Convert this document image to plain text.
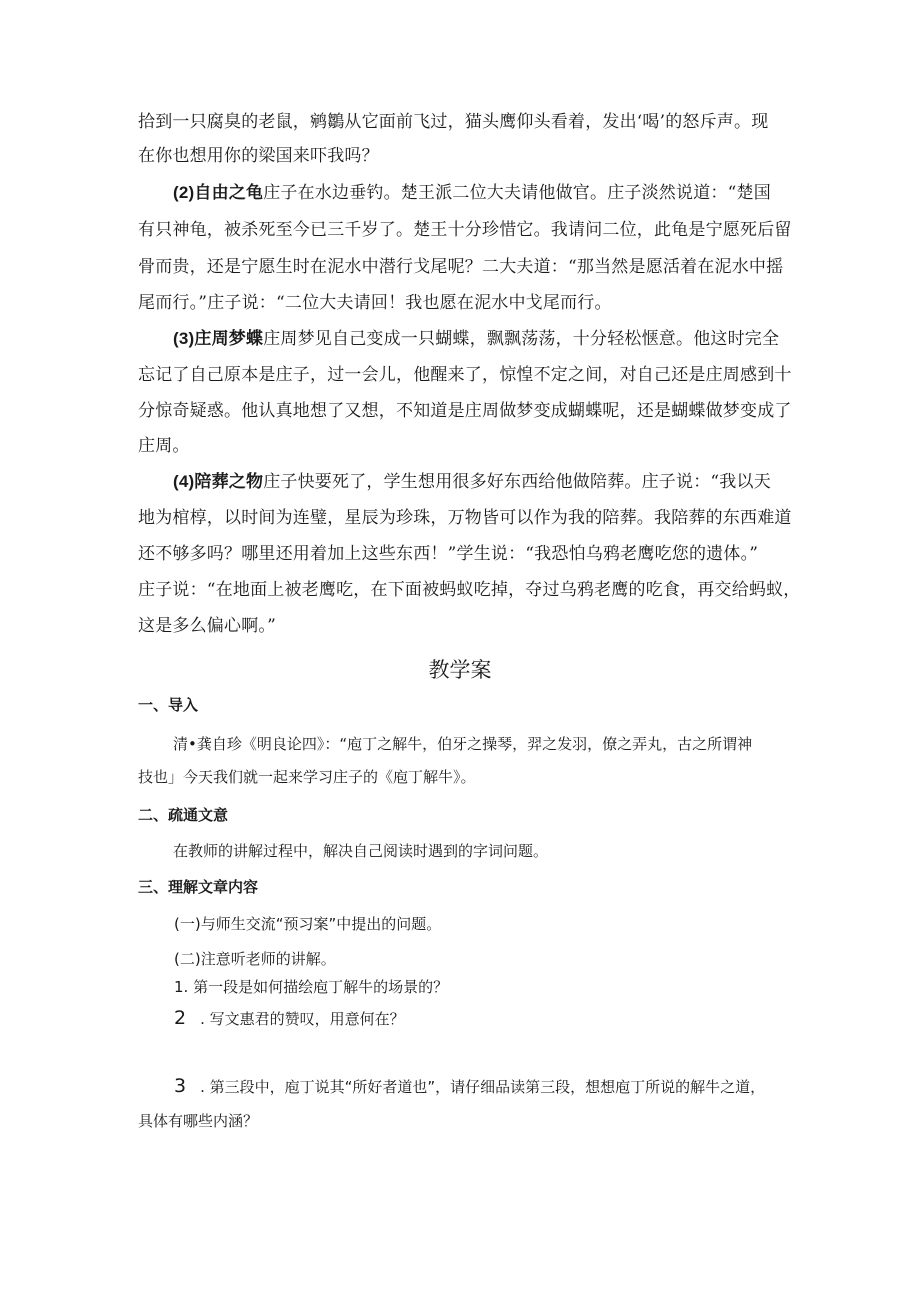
拾到一只腐臭的老鼠，鹓鶵从它面前飞过，猫头鹰仰头看着，发出‘喝’的怒斥声。现
在你也想用你的梁国来吓我吗？
(2)自由之龟庄子在水边垂钓。楚王派二位大夫请他做官。庄子淡然说道：“楚国
有只神龟，被杀死至今已三千岁了。楚王十分珍惜它。我请问二位，此龟是宁愿死后留
骨而贵，还是宁愿生时在泥水中潜行戈尾呢？二大夫道：“那当然是愿活着在泥水中摇
尾而行。”庄子说：“二位大夫请回！我也愿在泥水中戈尾而行。
(3)庄周梦蝶庄周梦见自己变成一只蝴蝶，飘飘荡荡，十分轻松惬意。他这时完全
忘记了自己原本是庄子，过一会儿，他醒来了，惊惶不定之间，对自己还是庄周感到十
分惊奇疑惑。他认真地想了又想，不知道是庄周做梦变成蝴蝶呢，还是蝴蝶做梦变成了
庄周。
(4)陪葬之物庄子快要死了，学生想用很多好东西给他做陪葬。庄子说：“我以天
地为棺椁，以时间为连璧，星辰为珍珠，万物皆可以作为我的陪葬。我陪葬的东西难道
还不够多吗？哪里还用着加上这些东西！”学生说：“我恐怕乌鸦老鹰吃您的遗体。”
庄子说：“在地面上被老鹰吃，在下面被蚂蚁吃掉，夺过乌鸦老鹰的吃食，再交给蚂蚁，
这是多么偏心啊。”
教学案
一、导入
清•龚自珍《明良论四》：“庖丁之解牛，伯牙之操琴，羿之发羽，僚之弄丸，古之所谓神
技也」今天我们就一起来学习庄子的《庖丁解牛》。
二、疏通文意
在教师的讲解过程中，解决自己阅读时遇到的字词问题。
三、理解文章内容
(一)与师生交流“预习案”中提出的问题。
(二)注意听老师的讲解。
1. 第一段是如何描绘庖丁解牛的场景的？
2 . 写文惠君的赞叹，用意何在？
3 . 第三段中，庖丁说其“所好者道也”，请仔细品读第三段，想想庖丁所说的解牛之道，
具体有哪些内涵？
